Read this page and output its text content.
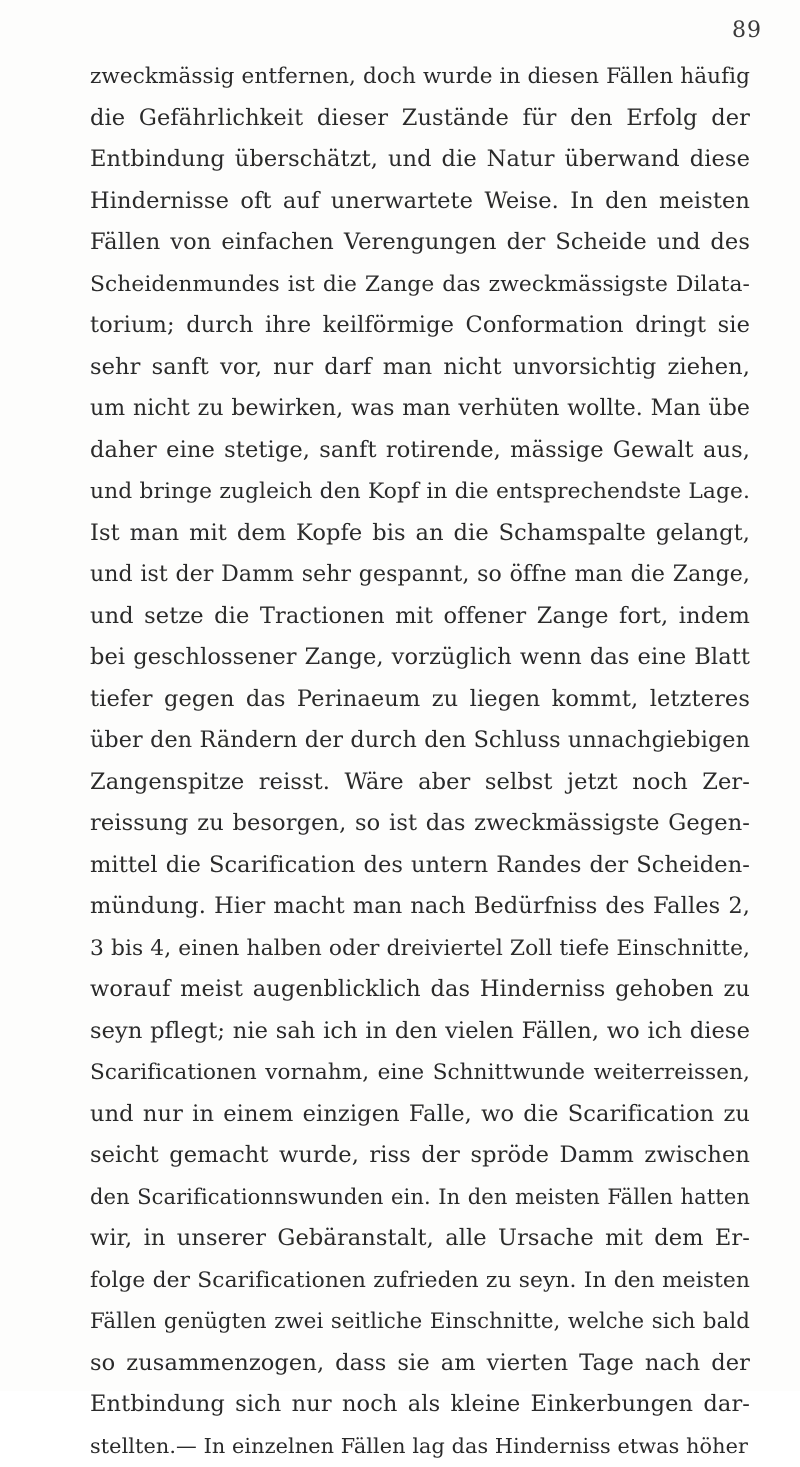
89
zweckmässig entfernen, doch wurde in diesen Fällen häufig
die Gefährlichkeit dieser Zustände für den Erfolg der
Entbindung überschätzt, und die Natur überwand diese
Hindernisse oft auf unerwartete Weise. In den meisten
Fällen von einfachen Verengungen der Scheide und des
Scheidenmundes ist die Zange das zweckmässigste Dilata-
torium; durch ihre keilförmige Conformation dringt sie
sehr sanft vor, nur darf man nicht unvorsichtig ziehen,
um nicht zu bewirken, was man verhüten wollte. Man übe
daher eine stetige, sanft rotirende, mässige Gewalt aus,
und bringe zugleich den Kopf in die entsprechendste Lage.
Ist man mit dem Kopfe bis an die Schamspalte gelangt,
und ist der Damm sehr gespannt, so öffne man die Zange,
und setze die Tractionen mit offener Zange fort, indem
bei geschlossener Zange, vorzüglich wenn das eine Blatt
tiefer gegen das Perinaeum zu liegen kommt, letzteres
über den Rändern der durch den Schluss unnachgiebigen
Zangenspitze reisst. Wäre aber selbst jetzt noch Zer-
reissung zu besorgen, so ist das zweckmässigste Gegen-
mittel die Scarification des untern Randes der Scheiden-
mündung. Hier macht man nach Bedürfniss des Falles 2,
3 bis 4, einen halben oder dreiviertel Zoll tiefe Einschnitte,
worauf meist augenblicklich das Hinderniss gehoben zu
seyn pflegt; nie sah ich in den vielen Fällen, wo ich diese
Scarificationen vornahm, eine Schnittwunde weiterreissen,
und nur in einem einzigen Falle, wo die Scarification zu
seicht gemacht wurde, riss der spröde Damm zwischen
den Scarificationnswunden ein. In den meisten Fällen hatten
wir, in unserer Gebäranstalt, alle Ursache mit dem Er-
folge der Scarificationen zufrieden zu seyn. In den meisten
Fällen genügten zwei seitliche Einschnitte, welche sich bald
so zusammenzogen, dass sie am vierten Tage nach der
Entbindung sich nur noch als kleine Einkerbungen dar-
stellten.— In einzelnen Fällen lag das Hinderniss etwas höher
